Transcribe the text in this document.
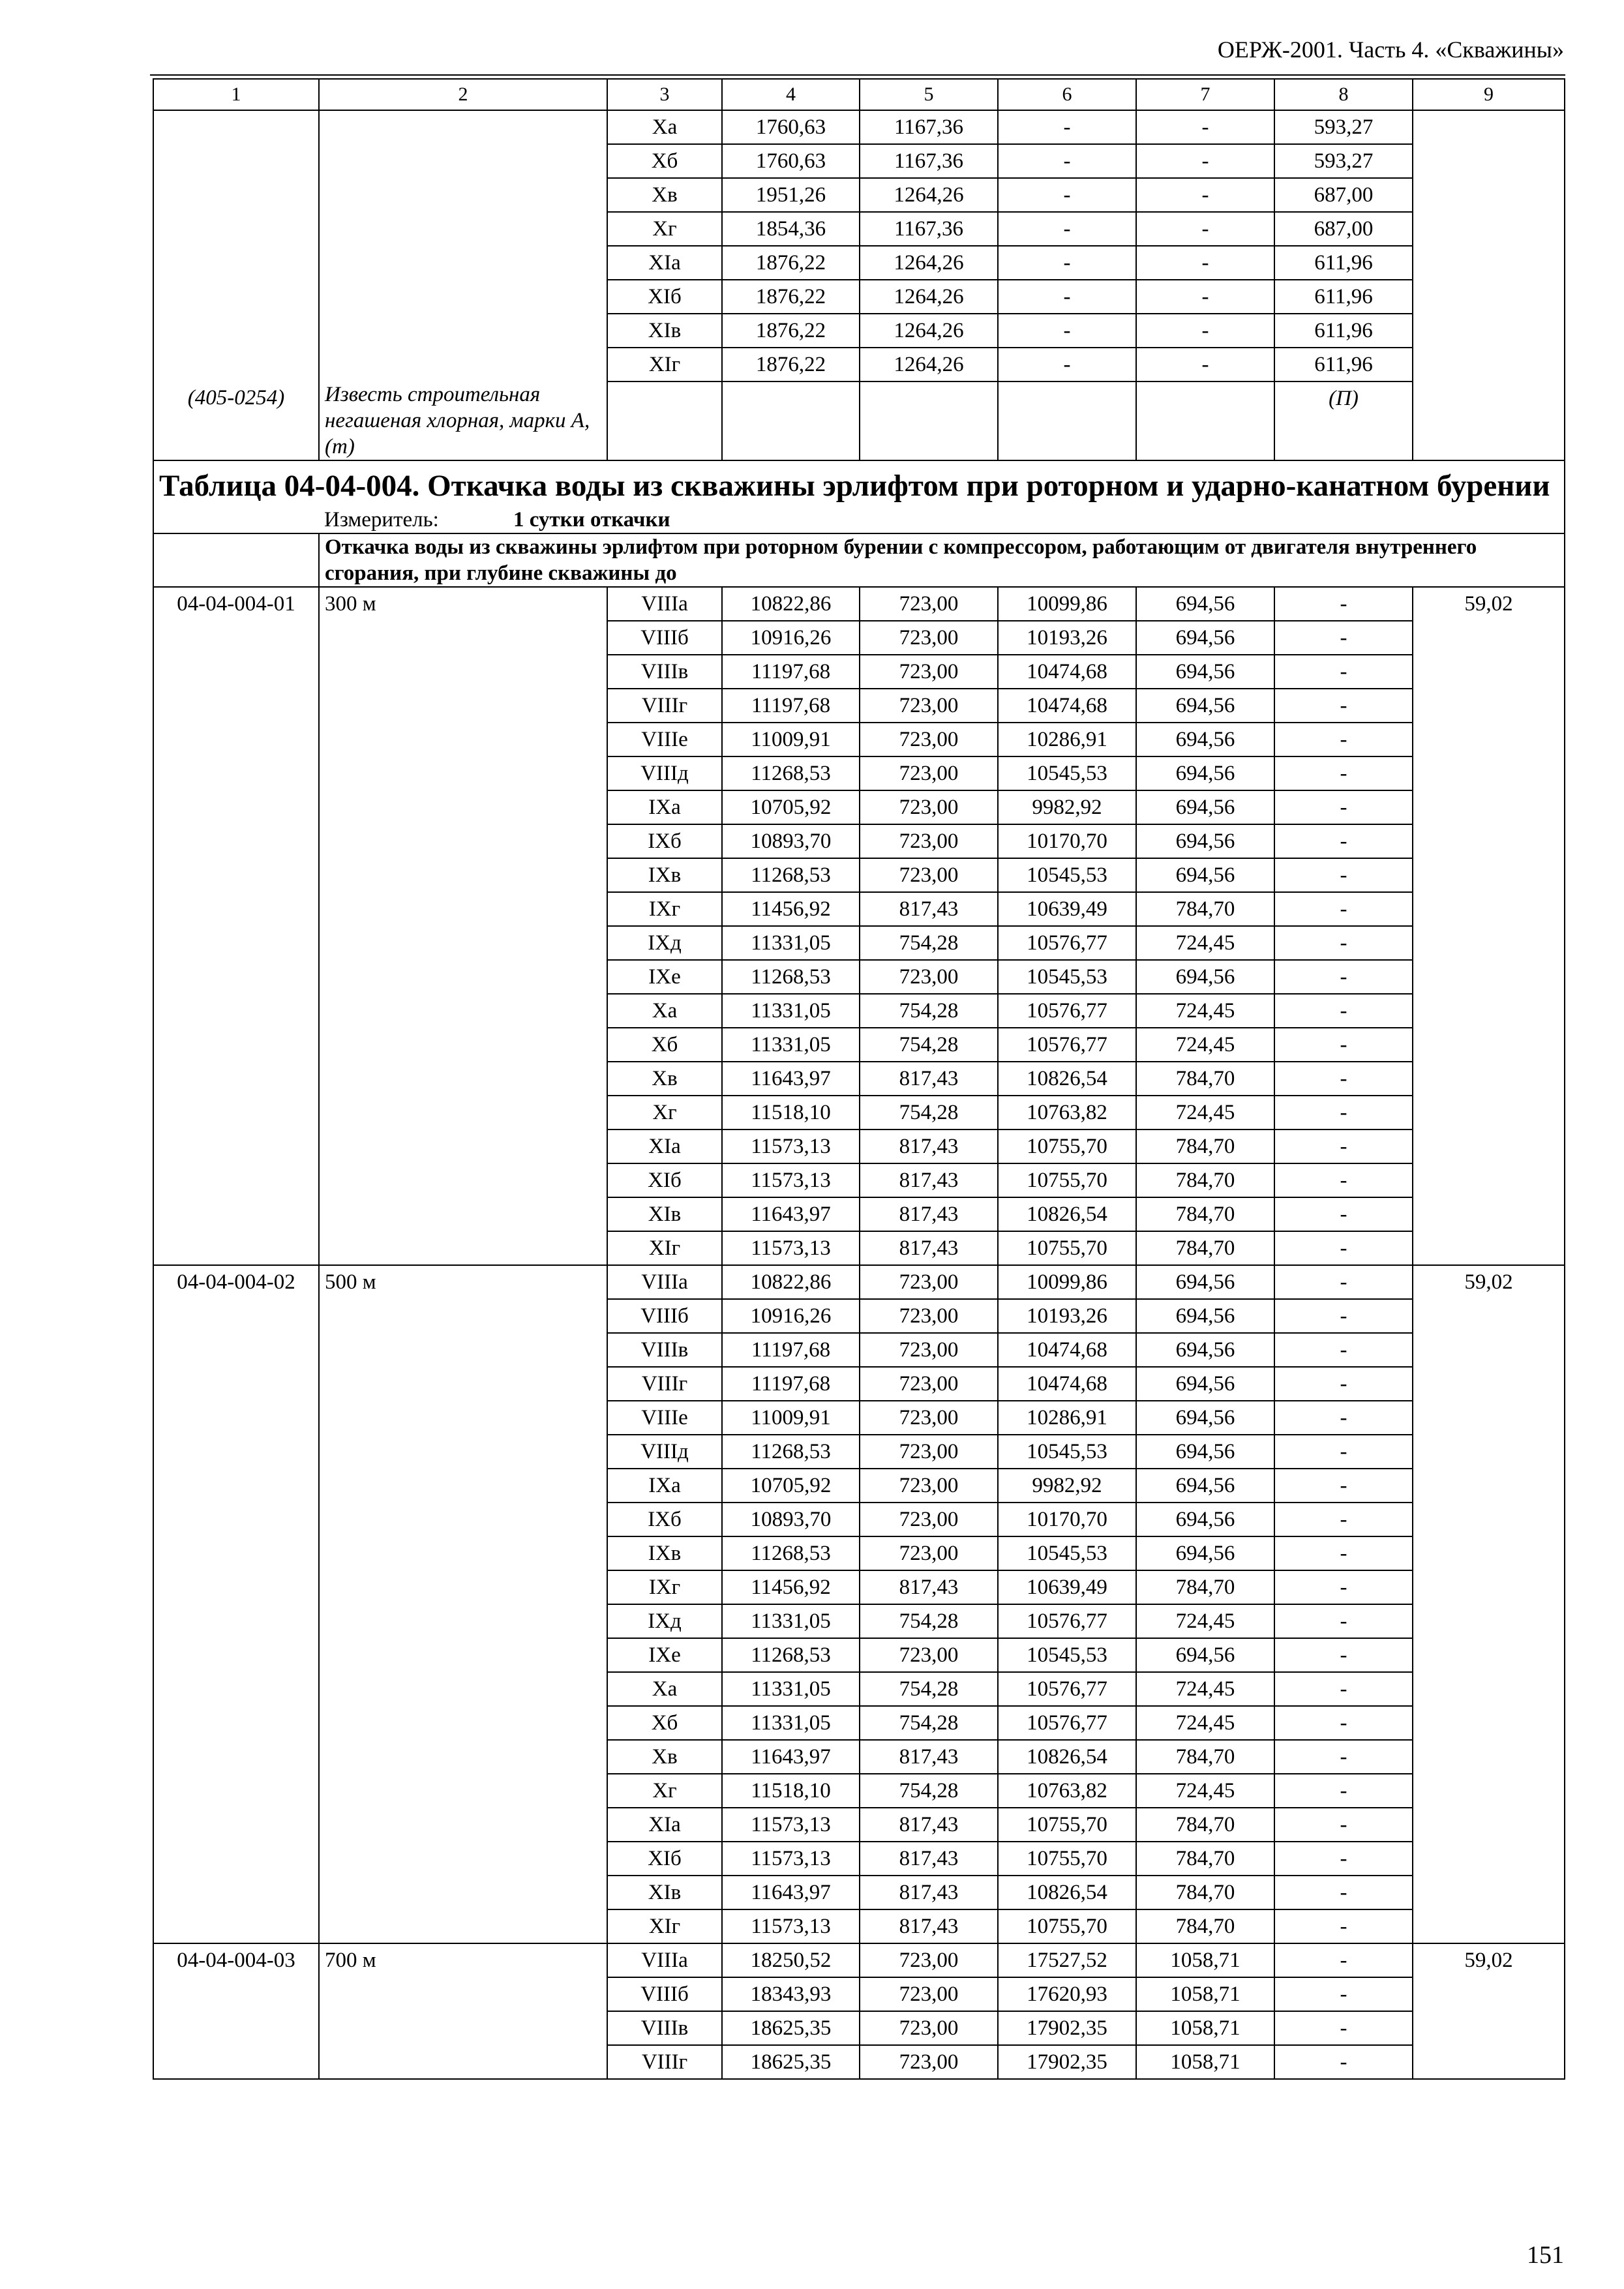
ОЕРЖ-2001. Часть 4. «Скважины»
1	2	3	4	5	6	7	8	9
		Xа	1760,63	1167,36	-	-	593,27	
		Xб	1760,63	1167,36	-	-	593,27	
		Xв	1951,26	1264,26	-	-	687,00	
		Xг	1854,36	1167,36	-	-	687,00	
		XIа	1876,22	1264,26	-	-	611,96	
		XIб	1876,22	1264,26	-	-	611,96	
		XIв	1876,22	1264,26	-	-	611,96	
		XIг	1876,22	1264,26	-	-	611,96	
(405-0254)	Известь строительная негашеная хлорная, марки А, (т)						(П)	
Таблица 04-04-004. Откачка воды из скважины эрлифтом при роторном и ударно-канатном бурении								
	Измеритель: 1 сутки откачки							
	Откачка воды из скважины эрлифтом при роторном бурении с компрессором, работающим от двигателя внутреннего сгорания, при глубине скважины до							
04-04-004-01	300 м	VIIIа	10822,86	723,00	10099,86	694,56	-	59,02
		VIIIб	10916,26	723,00	10193,26	694,56	-	
		VIIIв	11197,68	723,00	10474,68	694,56	-	
		VIIIг	11197,68	723,00	10474,68	694,56	-	
		VIIIе	11009,91	723,00	10286,91	694,56	-	
		VIIIд	11268,53	723,00	10545,53	694,56	-	
		IXа	10705,92	723,00	9982,92	694,56	-	
		IXб	10893,70	723,00	10170,70	694,56	-	
		IXв	11268,53	723,00	10545,53	694,56	-	
		IXг	11456,92	817,43	10639,49	784,70	-	
		IXд	11331,05	754,28	10576,77	724,45	-	
		IXе	11268,53	723,00	10545,53	694,56	-	
		Xа	11331,05	754,28	10576,77	724,45	-	
		Xб	11331,05	754,28	10576,77	724,45	-	
		Xв	11643,97	817,43	10826,54	784,70	-	
		Xг	11518,10	754,28	10763,82	724,45	-	
		XIа	11573,13	817,43	10755,70	784,70	-	
		XIб	11573,13	817,43	10755,70	784,70	-	
		XIв	11643,97	817,43	10826,54	784,70	-	
		XIг	11573,13	817,43	10755,70	784,70	-	
04-04-004-02	500 м	VIIIа	10822,86	723,00	10099,86	694,56	-	59,02
		VIIIб	10916,26	723,00	10193,26	694,56	-	
		VIIIв	11197,68	723,00	10474,68	694,56	-	
		VIIIг	11197,68	723,00	10474,68	694,56	-	
		VIIIе	11009,91	723,00	10286,91	694,56	-	
		VIIIд	11268,53	723,00	10545,53	694,56	-	
		IXа	10705,92	723,00	9982,92	694,56	-	
		IXб	10893,70	723,00	10170,70	694,56	-	
		IXв	11268,53	723,00	10545,53	694,56	-	
		IXг	11456,92	817,43	10639,49	784,70	-	
		IXд	11331,05	754,28	10576,77	724,45	-	
		IXе	11268,53	723,00	10545,53	694,56	-	
		Xа	11331,05	754,28	10576,77	724,45	-	
		Xб	11331,05	754,28	10576,77	724,45	-	
		Xв	11643,97	817,43	10826,54	784,70	-	
		Xг	11518,10	754,28	10763,82	724,45	-	
		XIа	11573,13	817,43	10755,70	784,70	-	
		XIб	11573,13	817,43	10755,70	784,70	-	
		XIв	11643,97	817,43	10826,54	784,70	-	
		XIг	11573,13	817,43	10755,70	784,70	-	
04-04-004-03	700 м	VIIIа	18250,52	723,00	17527,52	1058,71	-	59,02
		VIIIб	18343,93	723,00	17620,93	1058,71	-	
		VIIIв	18625,35	723,00	17902,35	1058,71	-	
		VIIIг	18625,35	723,00	17902,35	1058,71	-	
151
